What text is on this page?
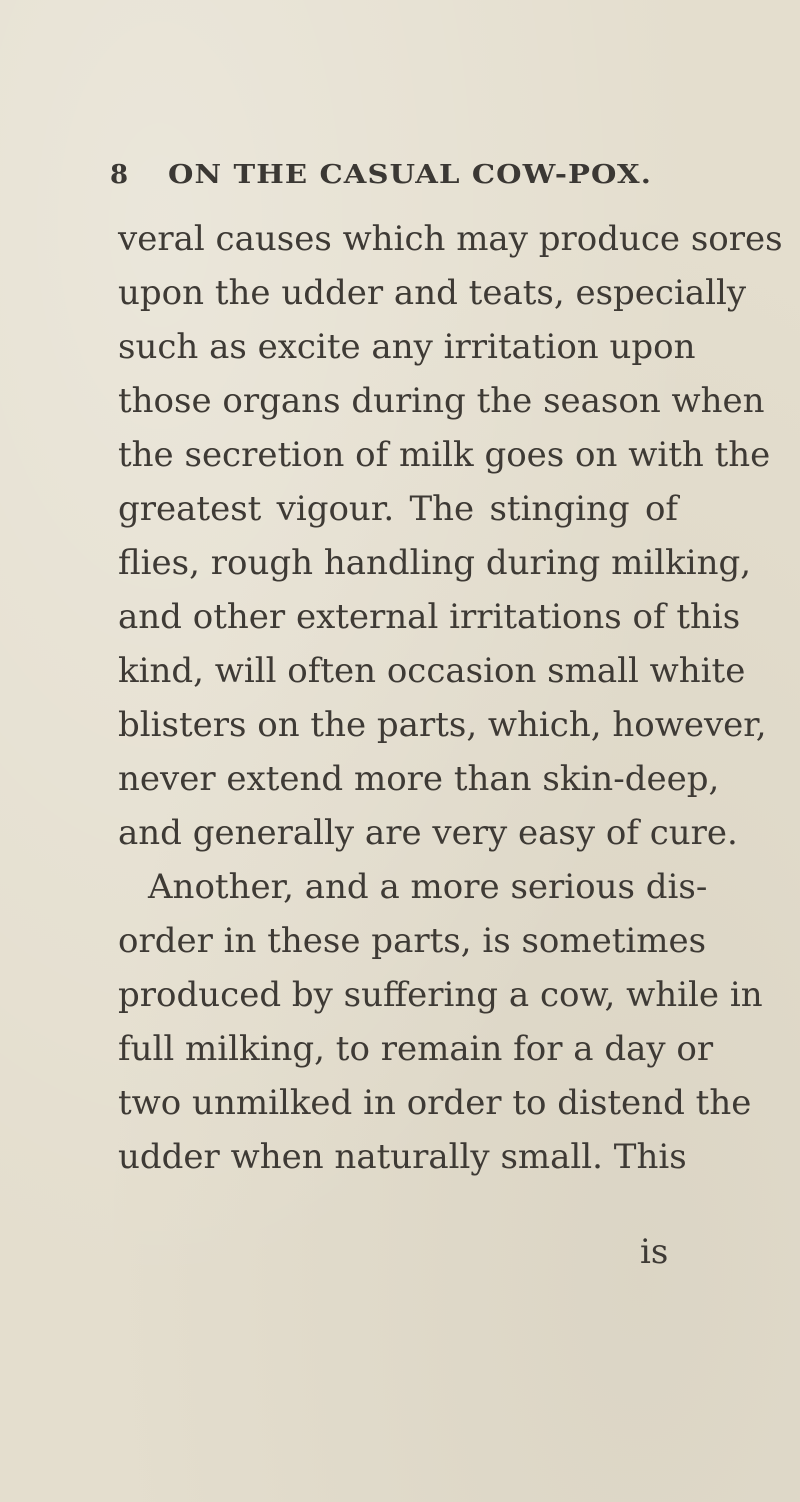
8 ON THE CASUAL COW-POX.
veral causes which may produce sores
upon the udder and teats, especially
such as excite any irritation upon
those organs during the season when
the secretion of milk goes on with the
greatest vigour. The stinging of
flies, rough handling during milking,
and other external irritations of this
kind, will often occasion small white
blisters on the parts, which, however,
never extend more than skin-deep,
and generally are very easy of cure.
Another, and a more serious dis-
order in these parts, is sometimes
produced by suffering a cow, while in
full milking, to remain for a day or
two unmilked in order to distend the
udder when naturally small. This
is
